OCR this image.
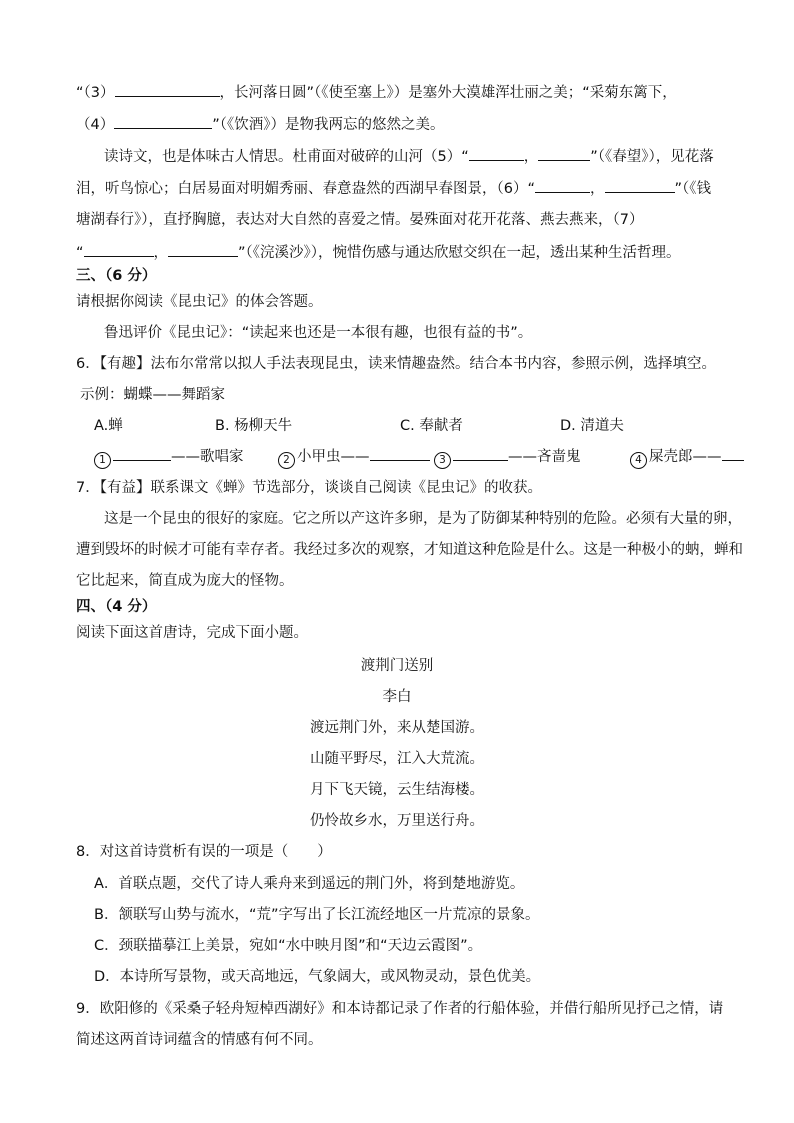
“（3）	，长河落日圆”（《使至塞上》）是塞外大漠雄浑壮丽之美；“采菊东篱下，
（4）	”（《饮酒》）是物我两忘的悠然之美。
读诗文，也是体味古人情思。杜甫面对破碎的山河（5）“	，	”（《春望》），见花落
泪，听鸟惊心；白居易面对明媚秀丽、春意盎然的西湖早春图景，（6）“	，	”（《钱
塘湖春行》），直抒胸臆，表达对大自然的喜爱之情。晏殊面对花开花落、燕去燕来，（7）
“	，	”（《浣溪沙》），惋惜伤感与通达欣慰交织在一起，透出某种生活哲理。
三、（6 分）
请根据你阅读《昆虫记》的体会答题。
鲁迅评价《昆虫记》：“读起来也还是一本很有趣，也很有益的书”。
6．【有趣】法布尔常常以拟人手法表现昆虫，读来情趣盎然。结合本书内容，参照示例，选择填空。
示例：蝴蝶——舞蹈家
A.蝉	B. 杨柳天牛	C. 奉献者	D. 清道夫
1	——歌唱家	2 小甲虫——	3	——吝啬鬼	4 屎壳郎——
7．【有益】联系课文《蝉》节选部分，谈谈自己阅读《昆虫记》的收获。
这是一个昆虫的很好的家庭。它之所以产这许多卵，是为了防御某种特别的危险。必须有大量的卵，
遭到毁坏的时候才可能有幸存者。我经过多次的观察，才知道这种危险是什么。这是一种极小的蚋，蝉和
它比起来，简直成为庞大的怪物。
四、（4 分）
阅读下面这首唐诗，完成下面小题。
渡荆门送别
李白
渡远荆门外，来从楚国游。
山随平野尽，江入大荒流。
月下飞天镜，云生结海楼。
仍怜故乡水，万里送行舟。
8．对这首诗赏析有误的一项是（　　）
A．首联点题，交代了诗人乘舟来到遥远的荆门外，将到楚地游览。
B．颔联写山势与流水，“荒”字写出了长江流经地区一片荒凉的景象。
C．颈联描摹江上美景，宛如“水中映月图”和“天边云霞图”。
D．本诗所写景物，或天高地远，气象阔大，或风物灵动，景色优美。
9．欧阳修的《采桑子轻舟短棹西湖好》和本诗都记录了作者的行船体验，并借行船所见抒己之情，请
简述这两首诗词蕴含的情感有何不同。
